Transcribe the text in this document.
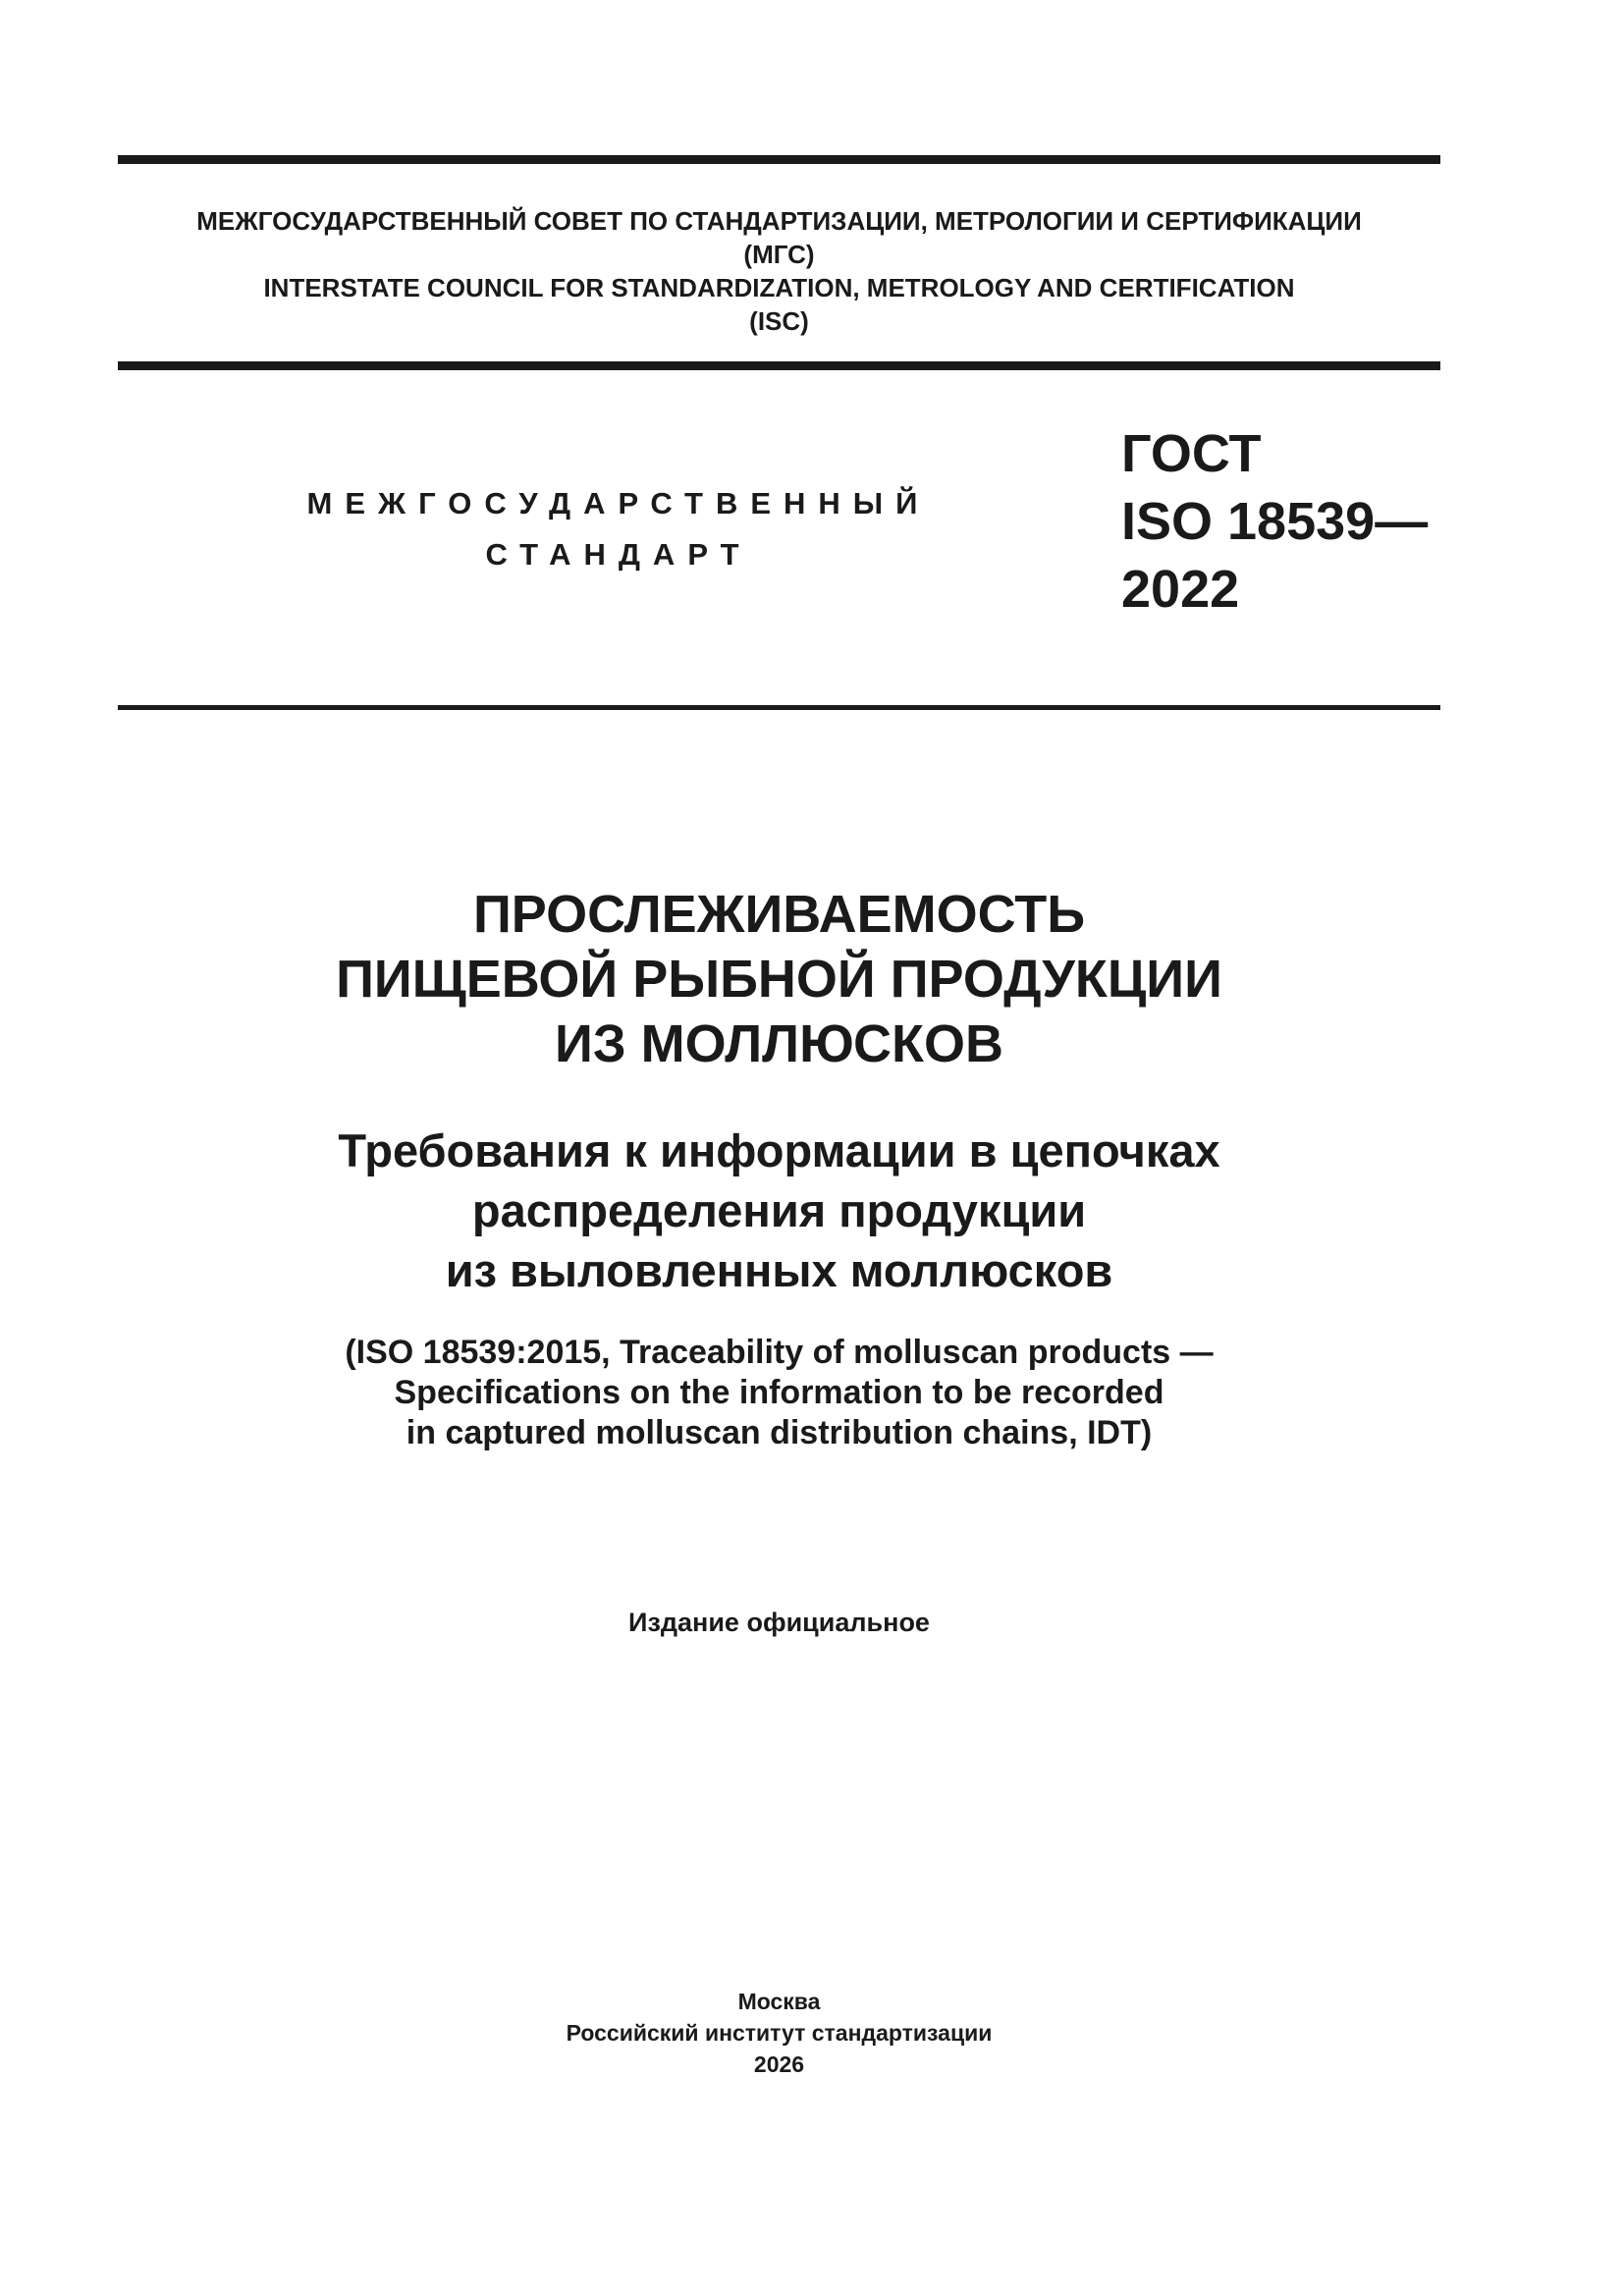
МЕЖГОСУДАРСТВЕННЫЙ СОВЕТ ПО СТАНДАРТИЗАЦИИ, МЕТРОЛОГИИ И СЕРТИФИКАЦИИ
(МГС)
INTERSTATE COUNCIL FOR STANDARDIZATION, METROLOGY AND CERTIFICATION
(ISC)
МЕЖГОСУДАРСТВЕННЫЙ
СТАНДАРТ
ГОСТ
ISO 18539—
2022
ПРОСЛЕЖИВАЕМОСТЬ
ПИЩЕВОЙ РЫБНОЙ ПРОДУКЦИИ
ИЗ МОЛЛЮСКОВ
Требования к информации в цепочках
распределения продукции
из выловленных моллюсков
(ISO 18539:2015, Traceability of molluscan products —
Specifications on the information to be recorded
in captured molluscan distribution chains, IDT)
Издание официальное
Москва
Российский институт стандартизации
2026
